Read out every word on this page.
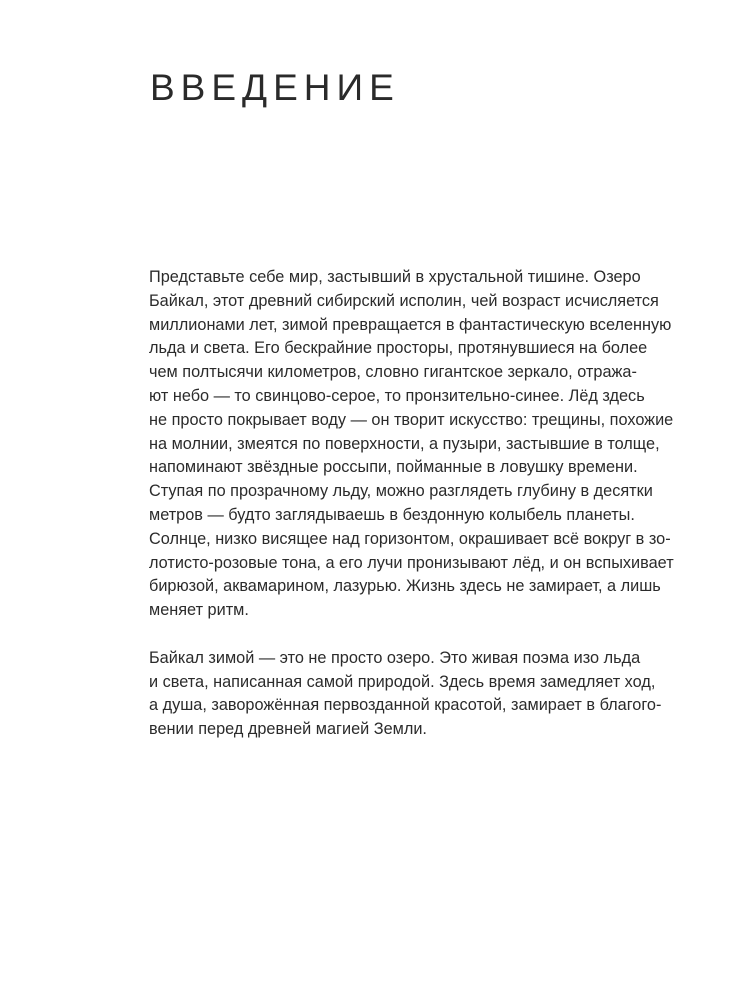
ВВЕДЕНИЕ

Представьте себе мир, застывший в хрустальной тишине. Озеро
Байкал, этот древний сибирский исполин, чей возраст исчисляется
миллионами лет, зимой превращается в фантастическую вселенную
льда и света. Его бескрайние просторы, протянувшиеся на более
чем полтысячи километров, словно гигантское зеркало, отража-
ют небо — то свинцово-серое, то пронзительно-синее. Лёд здесь
не просто покрывает воду — он творит искусство: трещины, похожие
на молнии, змеятся по поверхности, а пузыри, застывшие в толще,
напоминают звёздные россыпи, пойманные в ловушку времени.
Ступая по прозрачному льду, можно разглядеть глубину в десятки
метров — будто заглядываешь в бездонную колыбель планеты.
Солнце, низко висящее над горизонтом, окрашивает всё вокруг в зо-
лотисто-розовые тона, а его лучи пронизывают лёд, и он вспыхивает
бирюзой, аквамарином, лазурью. Жизнь здесь не замирает, а лишь
меняет ритм.

Байкал зимой — это не просто озеро. Это живая поэма изо льда
и света, написанная самой природой. Здесь время замедляет ход,
а душа, заворожённая первозданной красотой, замирает в благого-
вении перед древней магией Земли.
